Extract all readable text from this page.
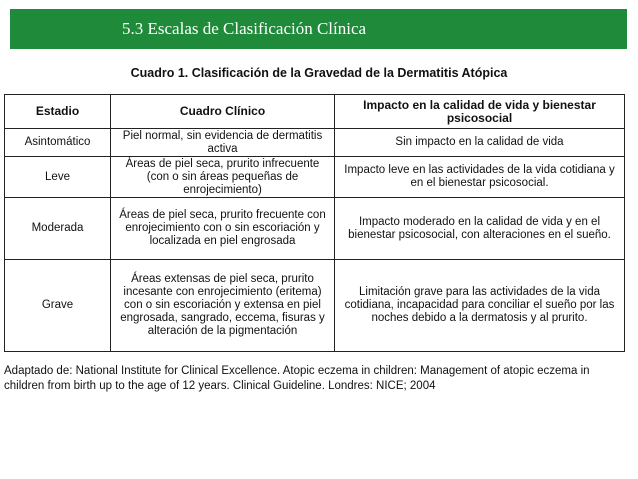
5.3 Escalas de Clasificación Clínica
Cuadro 1. Clasificación de la Gravedad de la Dermatitis Atópica
Estadio	Cuadro Clínico	Impacto en la calidad de vida y bienestar psicosocial
Asintomático	Piel normal, sin evidencia de dermatitis activa	Sin impacto en la calidad de vida
Leve	Áreas de piel seca, prurito infrecuente (con o sin áreas pequeñas de enrojecimiento)	Impacto leve en las actividades de la vida cotidiana y en el bienestar psicosocial.
Moderada	Áreas de piel seca, prurito frecuente con enrojecimiento con o sin escoriación y localizada en piel engrosada	Impacto moderado en la calidad de vida y en el bienestar psicosocial, con alteraciones en el sueño.
Grave	Áreas extensas de piel seca, prurito incesante con enrojecimiento (eritema) con o sin escoriación y extensa en piel engrosada, sangrado, eccema, fisuras y alteración de la pigmentación	Limitación grave para las actividades de la vida cotidiana, incapacidad para conciliar el sueño por las noches debido a la dermatosis y al prurito.
Adaptado de: National Institute for Clinical Excellence. Atopic eczema in children: Management of atopic eczema in children from birth up to the age of 12 years. Clinical Guideline. Londres: NICE; 2004
